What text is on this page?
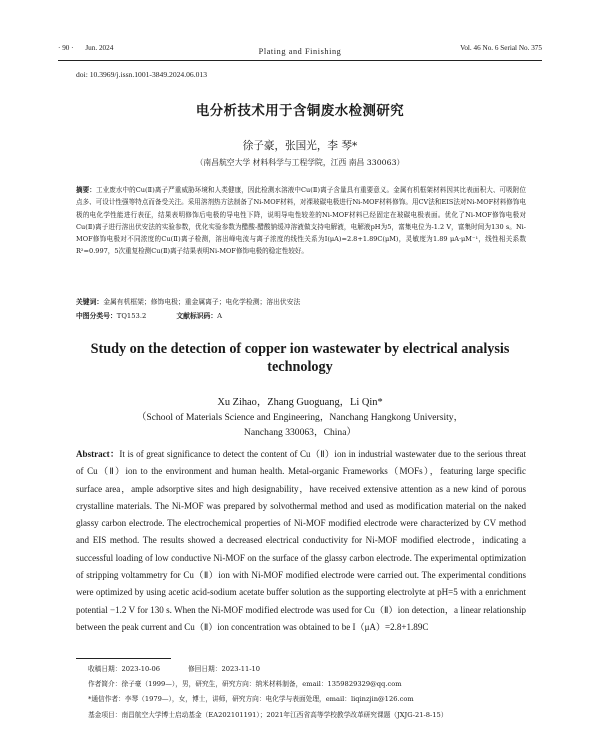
· 90 · Jun. 2024	Plating and Finishing	Vol. 46 No. 6 Serial No. 375
doi: 10.3969/j.issn.1001-3849.2024.06.013
电分析技术用于含铜废水检测研究
徐子豪，张国光，李 琴*
（南昌航空大学 材料科学与工程学院，江西 南昌 330063）
摘要：工业废水中的Cu(Ⅱ)离子严重威胁环境和人类健康，因此检测水溶液中Cu(Ⅱ)离子含量具有重要意义。金属有机框架材料因其比表面积大、可吸附位点多、可设计性强等特点而备受关注。采用溶剂热方法制备了Ni-MOF材料，对裸玻碳电极进行Ni-MOF材料修饰。用CV法和EIS法对Ni-MOF材料修饰电极的电化学性能进行表征，结果表明修饰后电极的导电性下降，说明导电性较差的Ni-MOF材料已经固定在玻碳电极表面。优化了Ni-MOF修饰电极对Cu(Ⅱ)离子进行溶出伏安法的实验参数，优化实验参数为醋酸-醋酸钠缓冲溶液做支持电解液，电解液pH为5，富集电位为-1.2 V，富集时间为130 s。Ni-MOF修饰电极对不同浓度的Cu(Ⅱ)离子检测，溶出峰电流与离子浓度的线性关系为I(μA)=2.8+1.89C(μM)，灵敏度为1.89 μA·μM⁻¹，线性相关系数R²=0.997，5次重复检测Cu(Ⅱ)离子结果表明Ni-MOF修饰电极的稳定性较好。
关键词：金属有机框架；修饰电极；重金属离子；电化学检测；溶出伏安法
中图分类号：TQ153.2	文献标识码：A
Study on the detection of copper ion wastewater by electrical analysis
technology
Xu Zihao，Zhang Guoguang，Li Qin*
（School of Materials Science and Engineering，Nanchang Hangkong University，
Nanchang 330063，China）
Abstract：It is of great significance to detect the content of Cu（Ⅱ）ion in industrial wastewater due to the serious threat of Cu（Ⅱ）ion to the environment and human health. Metal-organic Frameworks（MOFs），featuring large specific surface area，ample adsorptive sites and high designability，have received extensive attention as a new kind of porous crystalline materials. The Ni-MOF was prepared by solvothermal method and used as modification material on the naked glassy carbon electrode. The electrochemical properties of Ni-MOF modified electrode were characterized by CV method and EIS method. The results showed a decreased electrical conductivity for Ni-MOF modified electrode，indicating a successful loading of low conductive Ni-MOF on the surface of the glassy carbon electrode. The experimental optimization of stripping voltammetry for Cu（Ⅱ）ion with Ni-MOF modified electrode were carried out. The experimental conditions were optimized by using acetic acid-sodium acetate buffer solution as the supporting electrolyte at pH=5 with a enrichment potential −1.2 V for 130 s. When the Ni-MOF modified electrode was used for Cu（Ⅱ）ion detection，a linear relationship between the peak current and Cu（Ⅱ）ion concentration was obtained to be I（μA）=2.8+1.89C
收稿日期：2023-10-06	修回日期：2023-11-10
作者简介：徐子豪（1999—），男，研究生，研究方向：纳米材料制备，email：1359829329@qq.com
*通信作者：李琴（1979—），女，博士，讲师，研究方向：电化学与表面处理，email：liqinzjin@126.com
基金项目：南昌航空大学博士启动基金（EA202101191）；2021年江西省高等学校教学改革研究课题（JXJG-21-8-15）
